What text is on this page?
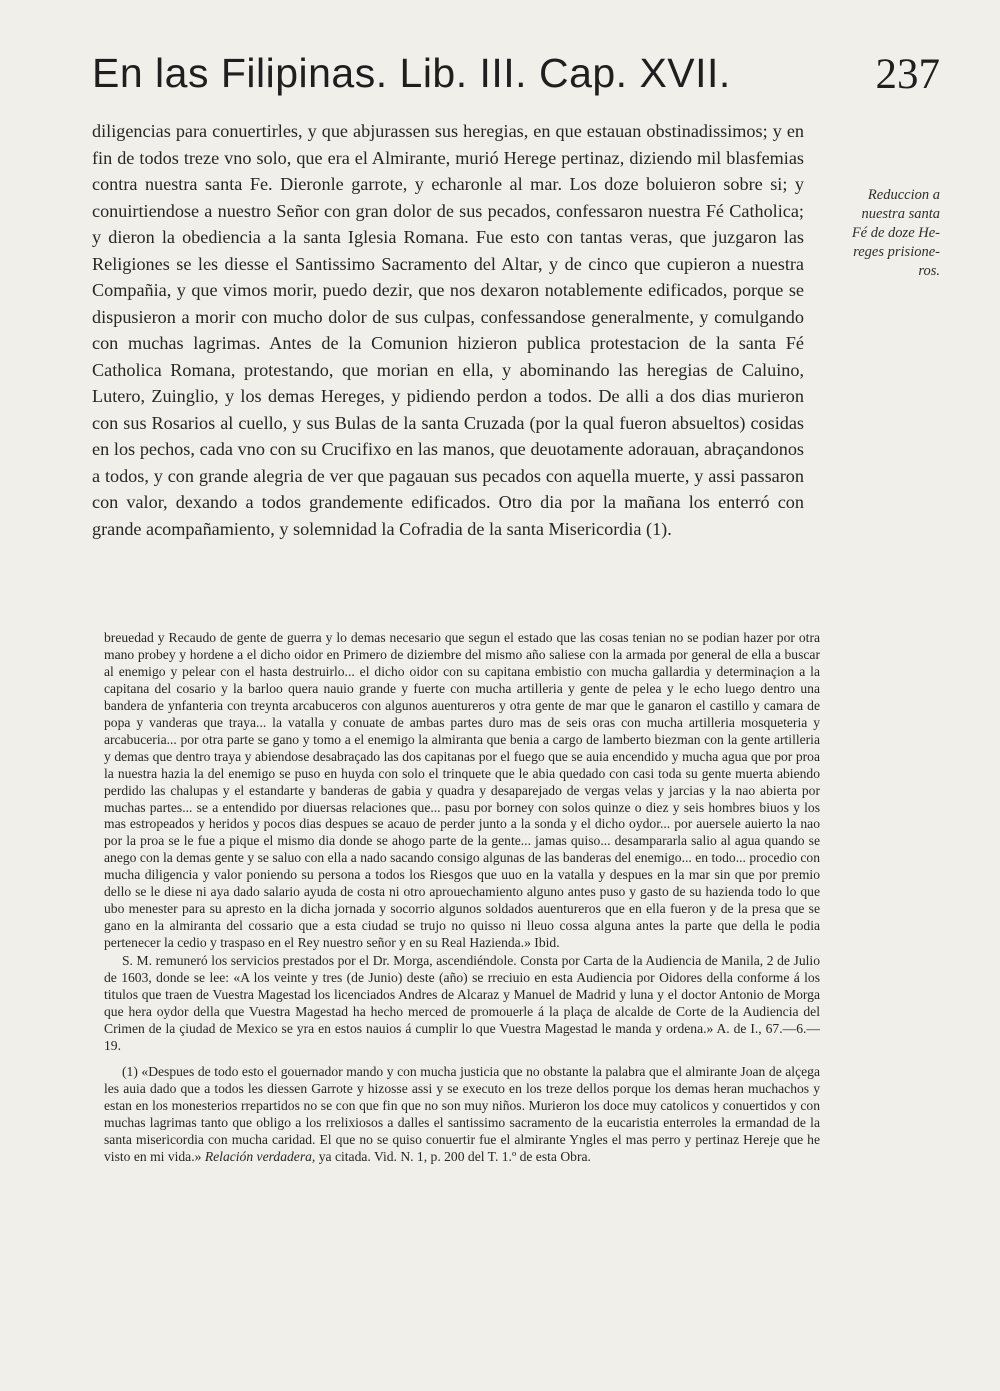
En las Filipinas. Lib. III. Cap. XVII.	237

diligencias para conuertirles, y que abjurassen sus heregias, en que estauan obstinadissimos; y en fin de todos treze vno solo, que era el Almirante, murió Herege pertinaz, diziendo mil blasfemias contra nuestra santa Fe. Dieronle garrote, y echaronle al mar. Los doze boluieron sobre si; y conuirtiendose a nuestro Señor con gran dolor de sus pecados, confessaron nuestra Fé Catholica; y dieron la obediencia a la santa Iglesia Romana. Fue esto con tantas veras, que juzgaron las Religiones se les diesse el Santissimo Sacramento del Altar, y de cinco que cupieron a nuestra Compañia, y que vimos morir, puedo dezir, que nos dexaron notablemente edificados, porque se dispusieron a morir con mucho dolor de sus culpas, confessandose generalmente, y comulgando con muchas lagrimas. Antes de la Comunion hizieron publica protestacion de la santa Fé Catholica Romana, protestando, que morian en ella, y abominando las heregias de Caluino, Lutero, Zuinglio, y los demas Hereges, y pidiendo perdon a todos. De alli a dos dias murieron con sus Rosarios al cuello, y sus Bulas de la santa Cruzada (por la qual fueron absueltos) cosidas en los pechos, cada vno con su Crucifixo en las manos, que deuotamente adorauan, abraçandonos a todos, y con grande alegria de ver que pagauan sus pecados con aquella muerte, y assi passaron con valor, dexando a todos grandemente edificados. Otro dia por la mañana los enterró con grande acompañamiento, y solemnidad la Cofradia de la santa Misericordia (1).

Reduccion a
nuestra santa
Fé de doze He-
reges prisione-
ros.

breuedad y Recaudo de gente de guerra y lo demas necesario que segun el estado que las cosas tenian no se podian hazer por otra mano probey y hordene a el dicho oidor en Primero de diziembre del mismo año saliese con la armada por general de ella a buscar al enemigo y pelear con el hasta destruirlo... el dicho oidor con su capitana embistio con mucha gallardia y determinaçion a la capitana del cosario y la barloo quera nauio grande y fuerte con mucha artilleria y gente de pelea y le echo luego dentro una bandera de ynfanteria con treynta arcabuceros con algunos auentureros y otra gente de mar que le ganaron el castillo y camara de popa y vanderas que traya... la vatalla y conuate de ambas partes duro mas de seis oras con mucha artilleria mosqueteria y arcabuceria... por otra parte se gano y tomo a el enemigo la almiranta que benia a cargo de lamberto biezman con la gente artilleria y demas que dentro traya y abiendose desabraçado las dos capitanas por el fuego que se auia encendido y mucha agua que por proa la nuestra hazia la del enemigo se puso en huyda con solo el trinquete que le abia quedado con casi toda su gente muerta abiendo perdido las chalupas y el estandarte y banderas de gabia y quadra y desaparejado de vergas velas y jarcias y la nao abierta por muchas partes... se a entendido por diuersas relaciones que... pasu por borney con solos quinze o diez y seis hombres biuos y los mas estropeados y heridos y pocos dias despues se acauo de perder junto a la sonda y el dicho oydor... por auersele auierto la nao por la proa se le fue a pique el mismo dia donde se ahogo parte de la gente... jamas quiso... desampararla salio al agua quando se anego con la demas gente y se saluo con ella a nado sacando consigo algunas de las banderas del enemigo... en todo... procedio con mucha diligencia y valor poniendo su persona a todos los Riesgos que uuo en la vatalla y despues en la mar sin que por premio dello se le diese ni aya dado salario ayuda de costa ni otro aprouechamiento alguno antes puso y gasto de su hazienda todo lo que ubo menester para su apresto en la dicha jornada y socorrio algunos soldados auentureros que en ella fueron y de la presa que se gano en la almiranta del cossario que a esta ciudad se trujo no quisso ni lleuo cossa alguna antes la parte que della le podia pertenecer la cedio y traspaso en el Rey nuestro señor y en su Real Hazienda.» Ibid.

S. M. remuneró los servicios prestados por el Dr. Morga, ascendiéndole. Consta por Carta de la Audiencia de Manila, 2 de Julio de 1603, donde se lee: «A los veinte y tres (de Junio) deste (año) se rreciuio en esta Audiencia por Oidores della conforme á los titulos que traen de Vuestra Magestad los licenciados Andres de Alcaraz y Manuel de Madrid y luna y el doctor Antonio de Morga que hera oydor della que Vuestra Magestad ha hecho merced de promouerle á la plaça de alcalde de Corte de la Audiencia del Crimen de la çiudad de Mexico se yra en estos nauios á cumplir lo que Vuestra Magestad le manda y ordena.» A. de I., 67.—6.—19.

(1) «Despues de todo esto el gouernador mando y con mucha justicia que no obstante la palabra que el almirante Joan de alçega les auia dado que a todos les diessen Garrote y hizosse assi y se executo en los treze dellos porque los demas heran muchachos y estan en los monesterios rrepartidos no se con que fin que no son muy niños. Murieron los doce muy catolicos y conuertidos y con muchas lagrimas tanto que obligo a los rrelixiosos a dalles el santissimo sacramento de la eucaristia enterroles la ermandad de la santa misericordia con mucha caridad. El que no se quiso conuertir fue el almirante Yngles el mas perro y pertinaz Hereje que he visto en mi vida.» Relación verdadera, ya citada. Vid. N. 1, p. 200 del T. 1.º de esta Obra.
